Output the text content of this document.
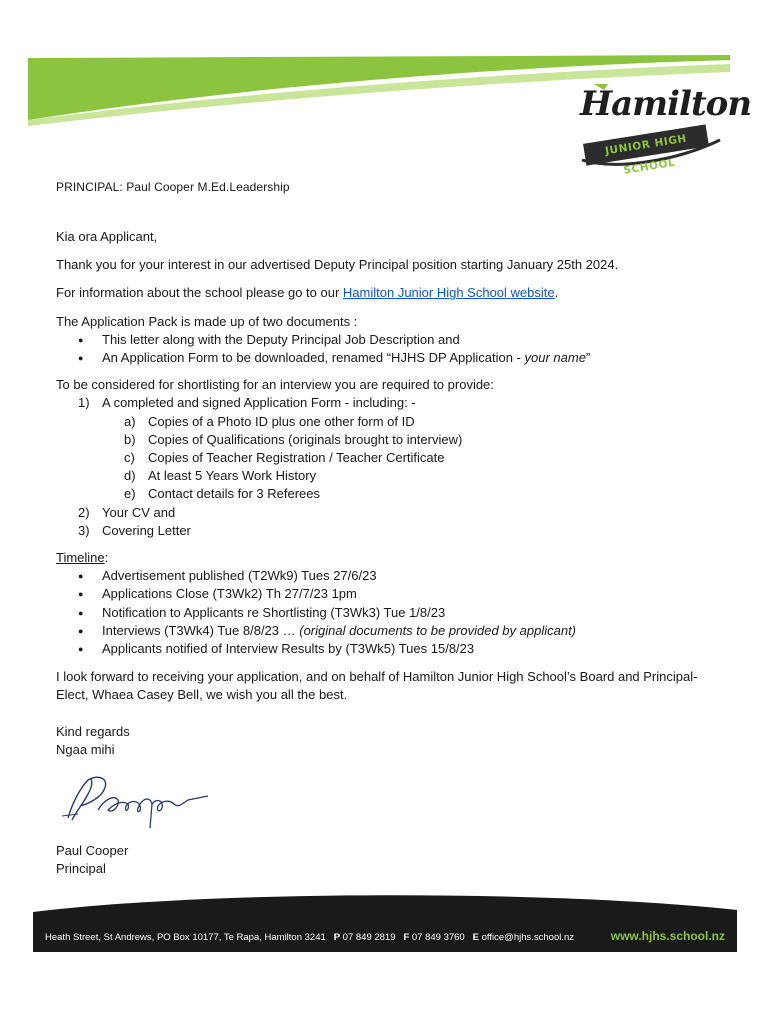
Hamilton
JUNIOR HIGH SCHOOL
PRINCIPAL: Paul Cooper M.Ed.Leadership

Kia ora Applicant,

Thank you for your interest in our advertised Deputy Principal position starting January 25th 2024.

For information about the school please go to our Hamilton Junior High School website.

The Application Pack is made up of two documents :

● This letter along with the Deputy Principal Job Description and
● An Application Form to be downloaded, renamed “HJHS DP Application - your name”

To be considered for shortlisting for an interview you are required to provide:

1) A completed and signed Application Form - including: -
a) Copies of a Photo ID plus one other form of ID
b) Copies of Qualifications (originals brought to interview)
c) Copies of Teacher Registration / Teacher Certificate
d) At least 5 Years Work History
e) Contact details for 3 Referees
2) Your CV and
3) Covering Letter

Timeline:

● Advertisement published (T2Wk9) Tues 27/6/23
● Applications Close (T3Wk2) Th 27/7/23 1pm
● Notification to Applicants re Shortlisting (T3Wk3) Tue 1/8/23
● Interviews (T3Wk4) Tue 8/8/23 … (original documents to be provided by applicant)
● Applicants notified of Interview Results by (T3Wk5) Tues 15/8/23

I look forward to receiving your application, and on behalf of Hamilton Junior High School’s Board and Principal-Elect, Whaea Casey Bell, we wish you all the best.

Kind regards

Ngaa mihi

Paul Cooper
Principal
Heath Street, St Andrews, PO Box 10177, Te Rapa, Hamilton 3241 P 07 849 2819 F 07 849 3760 E office@hjhs.school.nz	www.hjhs.school.nz
